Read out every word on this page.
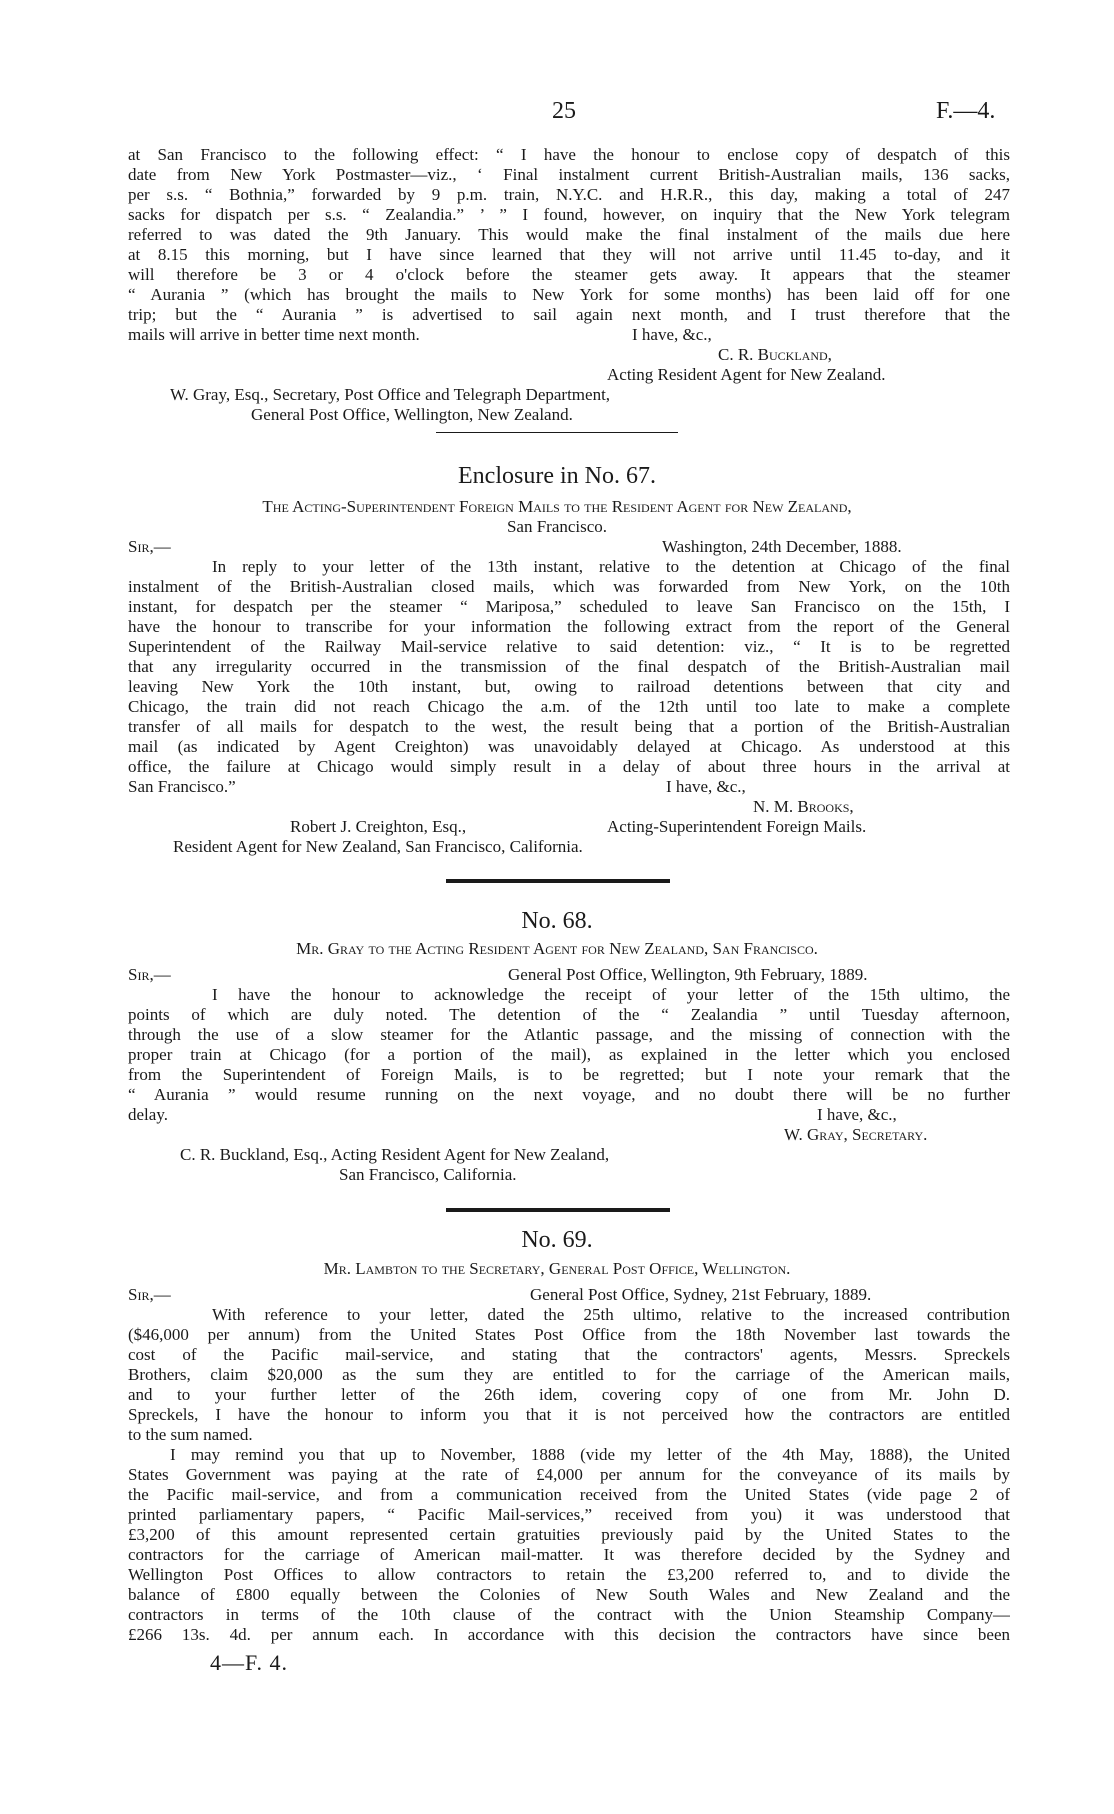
25	F.—4.
at San Francisco to the following effect: “ I have the honour to enclose copy of despatch of this
date from New York Postmaster—viz., ‘ Final instalment current British-Australian mails, 136 sacks,
per s.s. “ Bothnia,” forwarded by 9 p.m. train, N.Y.C. and H.R.R., this day, making a total of 247
sacks for dispatch per s.s. “ Zealandia.” ’ ” I found, however, on inquiry that the New York telegram
referred to was dated the 9th January. This would make the final instalment of the mails due here
at 8.15 this morning, but I have since learned that they will not arrive until 11.45 to-day, and it
will therefore be 3 or 4 o'clock before the steamer gets away. It appears that the steamer
“ Aurania ” (which has brought the mails to New York for some months) has been laid off for one
trip; but the “ Aurania ” is advertised to sail again next month, and I trust therefore that the
mails will arrive in better time next month.	I have, &c.,
C. R. Buckland,
Acting Resident Agent for New Zealand.
W. Gray, Esq., Secretary, Post Office and Telegraph Department,
General Post Office, Wellington, New Zealand.
Enclosure in No. 67.
The Acting-Superintendent Foreign Mails to the Resident Agent for New Zealand,
San Francisco.
Sir,—	Washington, 24th December, 1888.
In reply to your letter of the 13th instant, relative to the detention at Chicago of the final
instalment of the British-Australian closed mails, which was forwarded from New York, on the 10th
instant, for despatch per the steamer “ Mariposa,” scheduled to leave San Francisco on the 15th, I
have the honour to transcribe for your information the following extract from the report of the General
Superintendent of the Railway Mail-service relative to said detention: viz., “ It is to be regretted
that any irregularity occurred in the transmission of the final despatch of the British-Australian mail
leaving New York the 10th instant, but, owing to railroad detentions between that city and
Chicago, the train did not reach Chicago the a.m. of the 12th until too late to make a complete
transfer of all mails for despatch to the west, the result being that a portion of the British-Australian
mail (as indicated by Agent Creighton) was unavoidably delayed at Chicago. As understood at this
office, the failure at Chicago would simply result in a delay of about three hours in the arrival at
San Francisco.”	I have, &c.,
N. M. Brooks,
Robert J. Creighton, Esq.,	Acting-Superintendent Foreign Mails.
Resident Agent for New Zealand, San Francisco, California.
No. 68.
Mr. Gray to the Acting Resident Agent for New Zealand, San Francisco.
Sir,—	General Post Office, Wellington, 9th February, 1889.
I have the honour to acknowledge the receipt of your letter of the 15th ultimo, the
points of which are duly noted. The detention of the “ Zealandia ” until Tuesday afternoon,
through the use of a slow steamer for the Atlantic passage, and the missing of connection with the
proper train at Chicago (for a portion of the mail), as explained in the letter which you enclosed
from the Superintendent of Foreign Mails, is to be regretted; but I note your remark that the
“ Aurania ” would resume running on the next voyage, and no doubt there will be no further
delay.	I have, &c.,
W. Gray, Secretary.
C. R. Buckland, Esq., Acting Resident Agent for New Zealand,
San Francisco, California.
No. 69.
Mr. Lambton to the Secretary, General Post Office, Wellington.
Sir,—	General Post Office, Sydney, 21st February, 1889.
With reference to your letter, dated the 25th ultimo, relative to the increased contribution
($46,000 per annum) from the United States Post Office from the 18th November last towards the
cost of the Pacific mail-service, and stating that the contractors' agents, Messrs. Spreckels
Brothers, claim $20,000 as the sum they are entitled to for the carriage of the American mails,
and to your further letter of the 26th idem, covering copy of one from Mr. John D.
Spreckels, I have the honour to inform you that it is not perceived how the contractors are entitled
to the sum named.
I may remind you that up to November, 1888 (vide my letter of the 4th May, 1888), the United
States Government was paying at the rate of £4,000 per annum for the conveyance of its mails by
the Pacific mail-service, and from a communication received from the United States (vide page 2 of
printed parliamentary papers, “ Pacific Mail-services,” received from you) it was understood that
£3,200 of this amount represented certain gratuities previously paid by the United States to the
contractors for the carriage of American mail-matter. It was therefore decided by the Sydney and
Wellington Post Offices to allow contractors to retain the £3,200 referred to, and to divide the
balance of £800 equally between the Colonies of New South Wales and New Zealand and the
contractors in terms of the 10th clause of the contract with the Union Steamship Company—
£266 13s. 4d. per annum each. In accordance with this decision the contractors have since been
4—F. 4.
